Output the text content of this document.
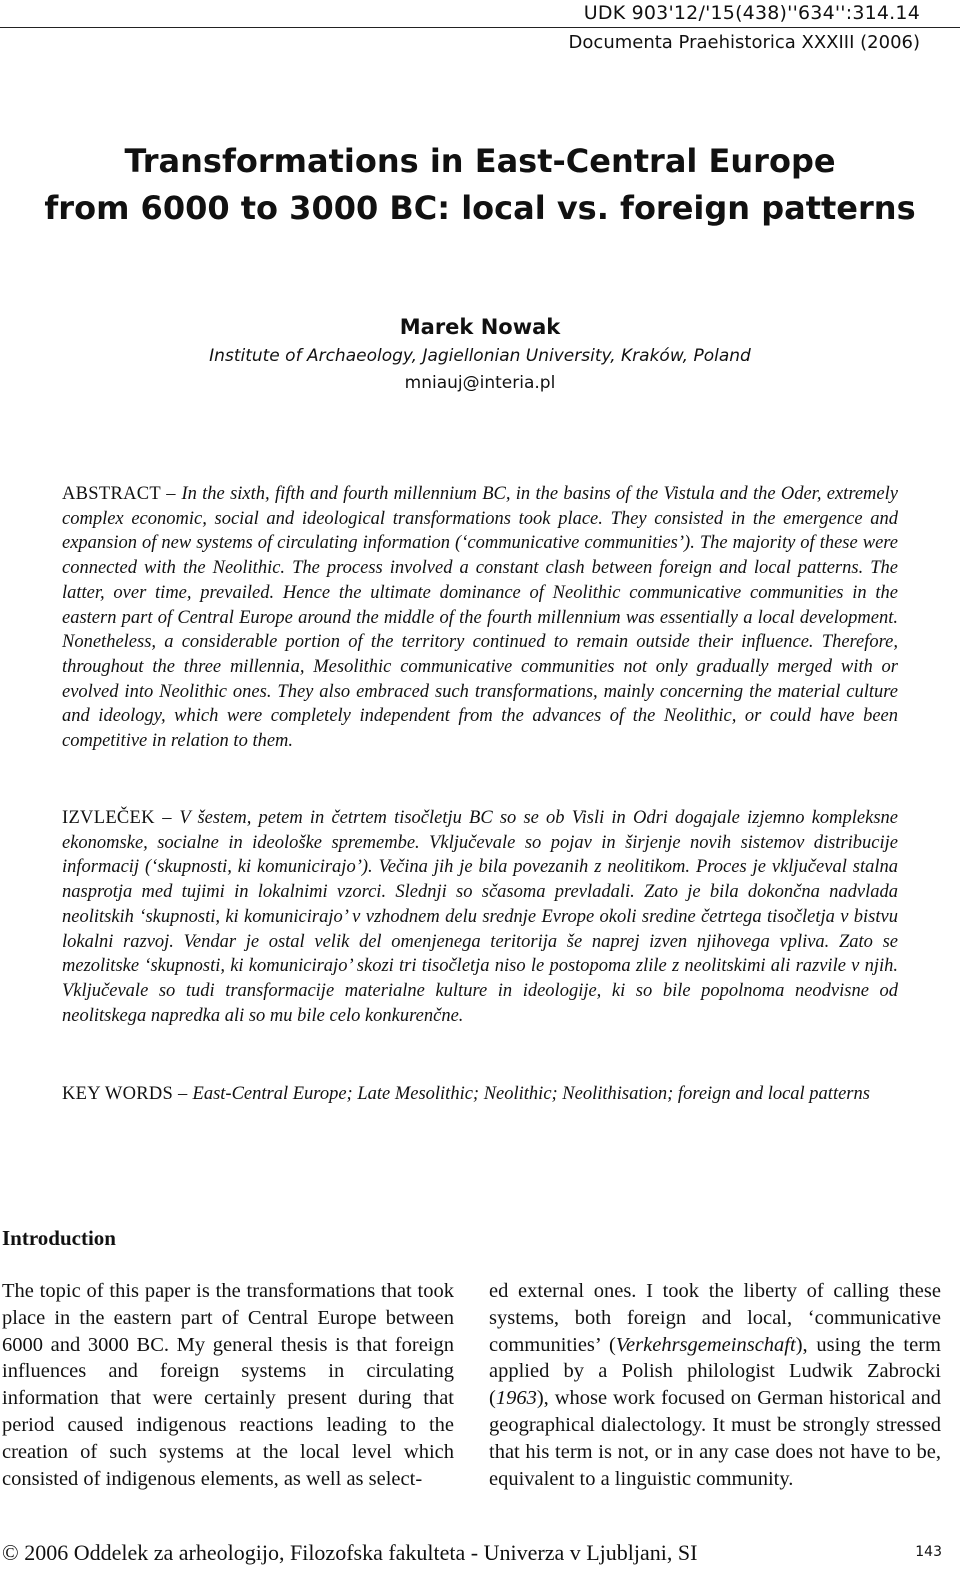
UDK 903'12/'15(438)''634'':314.14
Documenta Praehistorica XXXIII (2006)
Transformations in East-Central Europe
from 6000 to 3000 BC: local vs. foreign patterns
Marek Nowak
Institute of Archaeology, Jagiellonian University, Kraków, Poland
mniauj@interia.pl

ABSTRACT – In the sixth, fifth and fourth millennium BC, in the basins of the Vistula and the Oder, extremely complex economic, social and ideological transformations took place. They consisted in the emergence and expansion of new systems of circulating information (‘communicative communities’). The majority of these were connected with the Neolithic. The process involved a constant clash between foreign and local patterns. The latter, over time, prevailed. Hence the ultimate dominance of Neolithic communicative communities in the eastern part of Central Europe around the middle of the fourth millennium was essentially a local development. Nonetheless, a considerable portion of the territory continued to remain outside their influence. Therefore, throughout the three millennia, Mesolithic communicative communities not only gradually merged with or evolved into Neolithic ones. They also embraced such transformations, mainly concerning the material culture and ideology, which were completely independent from the advances of the Neolithic, or could have been competitive in relation to them.

IZVLEČEK – V šestem, petem in četrtem tisočletju BC so se ob Visli in Odri dogajale izjemno kompleksne ekonomske, socialne in ideološke spremembe. Vključevale so pojav in širjenje novih sistemov distribucije informacij (‘skupnosti, ki komunicirajo’). Večina jih je bila povezanih z neolitikom. Proces je vključeval stalna nasprotja med tujimi in lokalnimi vzorci. Slednji so sčasoma prevladali. Zato je bila dokončna nadvlada neolitskih ‘skupnosti, ki komunicirajo’ v vzhodnem delu srednje Evrope okoli sredine četrtega tisočletja v bistvu lokalni razvoj. Vendar je ostal velik del omenjenega teritorija še naprej izven njihovega vpliva. Zato se mezolitske ‘skupnosti, ki komunicirajo’ skozi tri tisočletja niso le postopoma zlile z neolitskimi ali razvile v njih. Vključevale so tudi transformacije materialne kulture in ideologije, ki so bile popolnoma neodvisne od neolitskega napredka ali so mu bile celo konkurenčne.

KEY WORDS – East-Central Europe; Late Mesolithic; Neolithic; Neolithisation; foreign and local patterns

Introduction

The topic of this paper is the transformations that took place in the eastern part of Central Europe between 6000 and 3000 BC. My general thesis is that foreign influences and foreign systems in circulating information that were certainly present during that period caused indigenous reactions leading to the creation of such systems at the local level which consisted of indigenous elements, as well as select-

ed external ones. I took the liberty of calling these systems, both foreign and local, ‘communicative communities’ (Verkehrsgemeinschaft), using the term applied by a Polish philologist Ludwik Zabrocki (1963), whose work focused on German historical and geographical dialectology. It must be strongly stressed that his term is not, or in any case does not have to be, equivalent to a linguistic community.

© 2006 Oddelek za arheologijo, Filozofska fakulteta - Univerza v Ljubljani, SI	143
